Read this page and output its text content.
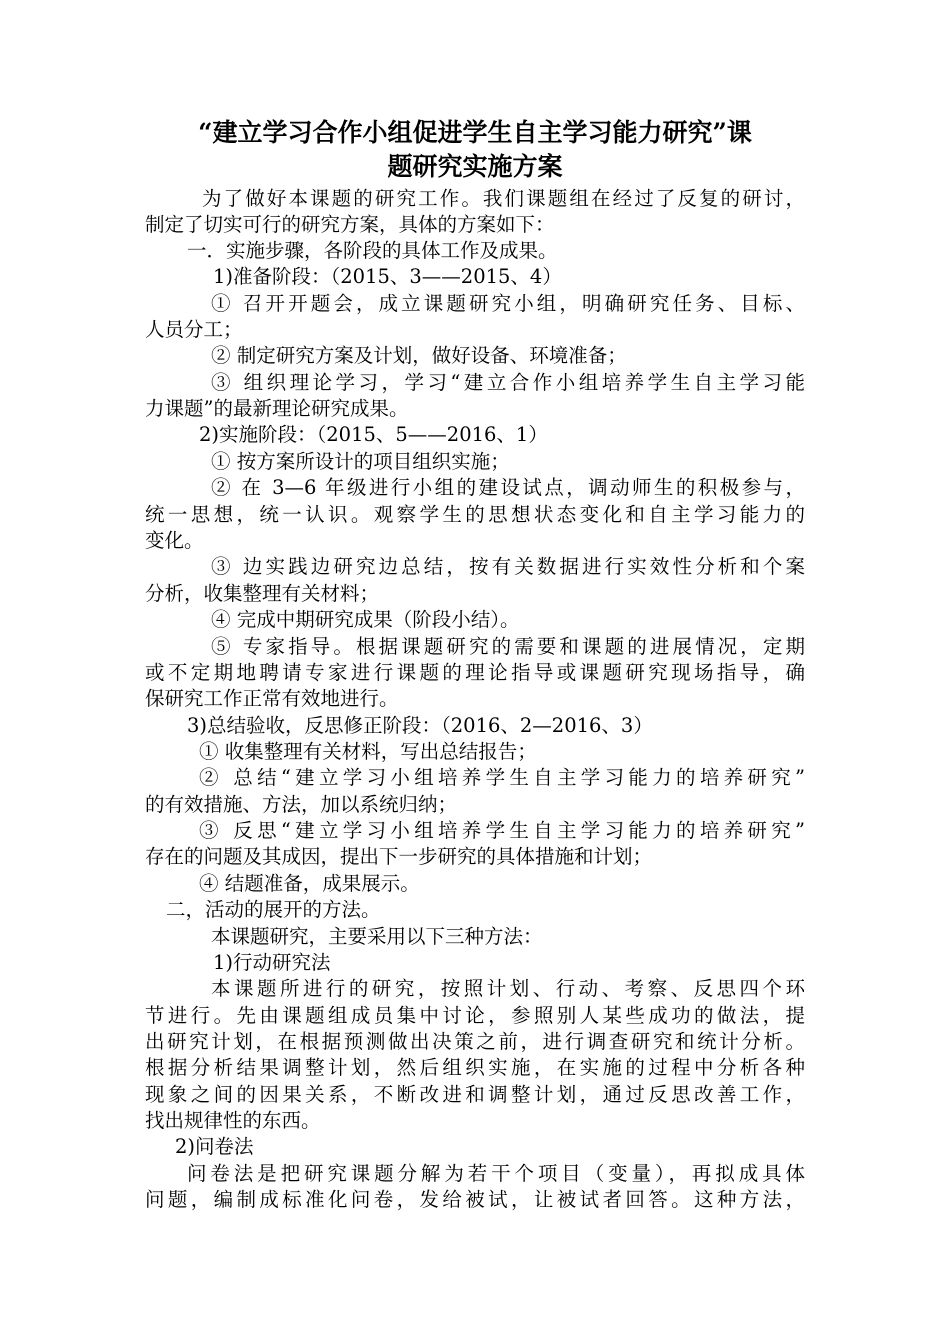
“建立学习合作小组促进学生自主学习能力研究”课
题研究实施方案
为了做好本课题的研究工作。我们课题组在经过了反复的研讨，
制定了切实可行的研究方案，具体的方案如下：
一．实施步骤，各阶段的具体工作及成果。
1)准备阶段：（2015、3——2015、4）
① 召开开题会，成立课题研究小组，明确研究任务、目标、
人员分工；
② 制定研究方案及计划，做好设备、环境准备；
③ 组织理论学习，学习“建立合作小组培养学生自主学习能
力课题”的最新理论研究成果。
2)实施阶段：（2015、5——2016、1）
① 按方案所设计的项目组织实施；
② 在 3—6 年级进行小组的建设试点，调动师生的积极参与，
统一思想，统一认识。观察学生的思想状态变化和自主学习能力的
变化。
③ 边实践边研究边总结，按有关数据进行实效性分析和个案
分析，收集整理有关材料；
④ 完成中期研究成果（阶段小结）。
⑤ 专家指导。根据课题研究的需要和课题的进展情况，定期
或不定期地聘请专家进行课题的理论指导或课题研究现场指导，确
保研究工作正常有效地进行。
3)总结验收，反思修正阶段：（2016、2—2016、3）
① 收集整理有关材料，写出总结报告；
② 总结“建立学习小组培养学生自主学习能力的培养研究”
的有效措施、方法，加以系统归纳；
③ 反思“建立学习小组培养学生自主学习能力的培养研究”
存在的问题及其成因，提出下一步研究的具体措施和计划；
④ 结题准备，成果展示。
二，活动的展开的方法。
本课题研究，主要采用以下三种方法：
1)行动研究法
本课题所进行的研究，按照计划、行动、考察、反思四个环
节进行。先由课题组成员集中讨论，参照别人某些成功的做法，提
出研究计划，在根据预测做出决策之前，进行调查研究和统计分析。
根据分析结果调整计划，然后组织实施，在实施的过程中分析各种
现象之间的因果关系，不断改进和调整计划，通过反思改善工作，
找出规律性的东西。
2)问卷法
问卷法是把研究课题分解为若干个项目（变量），再拟成具体
问题，编制成标准化问卷，发给被试，让被试者回答。这种方法，
